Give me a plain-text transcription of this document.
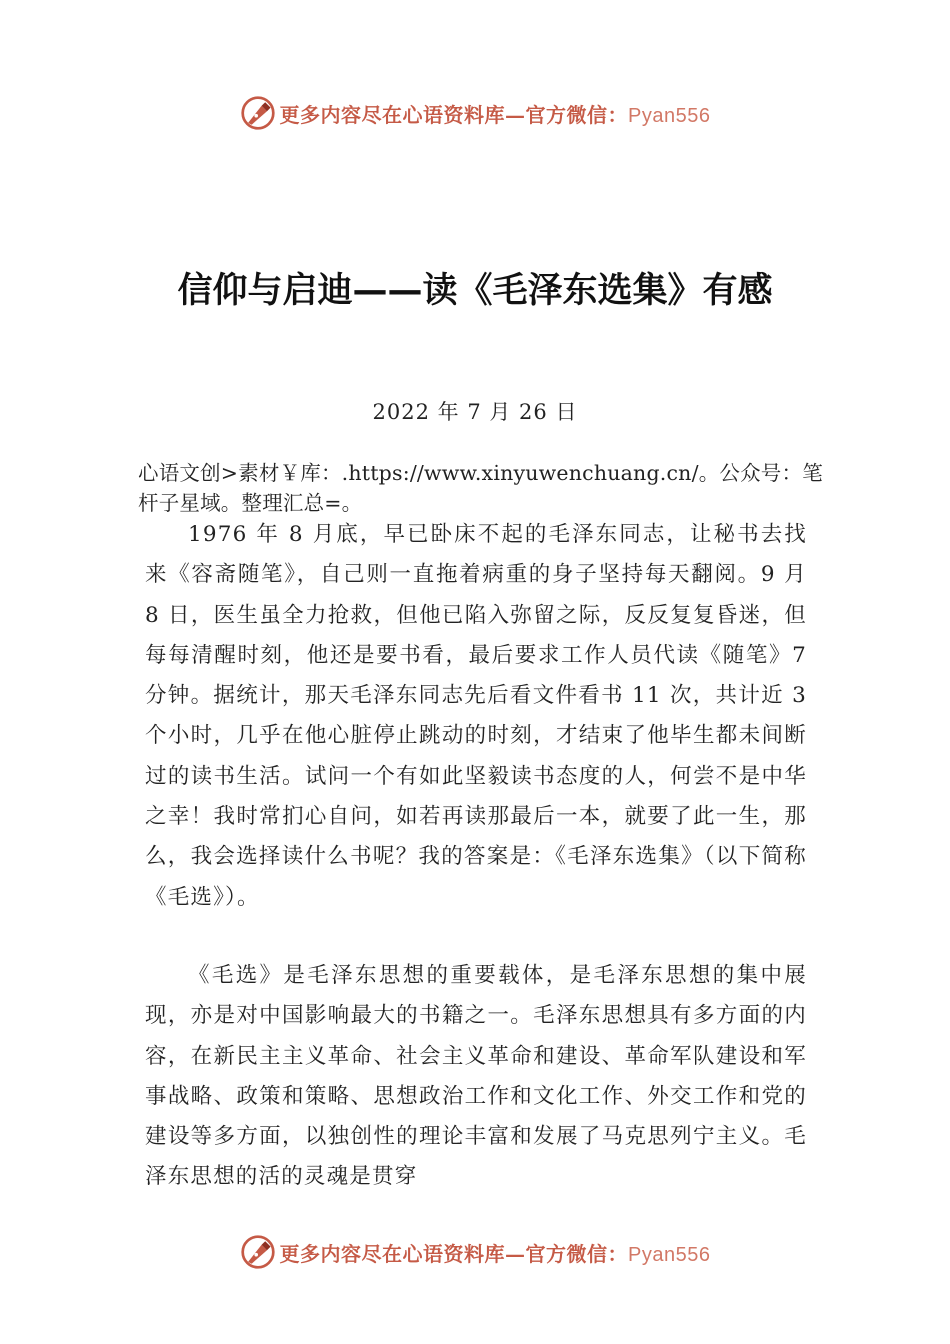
更多内容尽在心语资料库—官方微信：Pyan556
信仰与启迪——读《毛泽东选集》有感
2022 年 7 月 26 日
心语文创>素材￥库：.https://www.xinyuwenchuang.cn/。公众号：笔杆子星域。整理汇总=。
1976 年 8 月底，早已卧床不起的毛泽东同志，让秘书去找来《容斋随笔》，自己则一直拖着病重的身子坚持每天翻阅。9 月 8 日，医生虽全力抢救，但他已陷入弥留之际，反反复复昏迷，但每每清醒时刻，他还是要书看，最后要求工作人员代读《随笔》7 分钟。据统计，那天毛泽东同志先后看文件看书 11 次，共计近 3 个小时，几乎在他心脏停止跳动的时刻，才结束了他毕生都未间断过的读书生活。试问一个有如此坚毅读书态度的人，何尝不是中华之幸！我时常扪心自问，如若再读那最后一本，就要了此一生，那么，我会选择读什么书呢？我的答案是：《毛泽东选集》（以下简称《毛选》）。
《毛选》是毛泽东思想的重要载体，是毛泽东思想的集中展现，亦是对中国影响最大的书籍之一。毛泽东思想具有多方面的内容，在新民主主义革命、社会主义革命和建设、革命军队建设和军事战略、政策和策略、思想政治工作和文化工作、外交工作和党的建设等多方面，以独创性的理论丰富和发展了马克思列宁主义。毛泽东思想的活的灵魂是贯穿
更多内容尽在心语资料库—官方微信：Pyan556
